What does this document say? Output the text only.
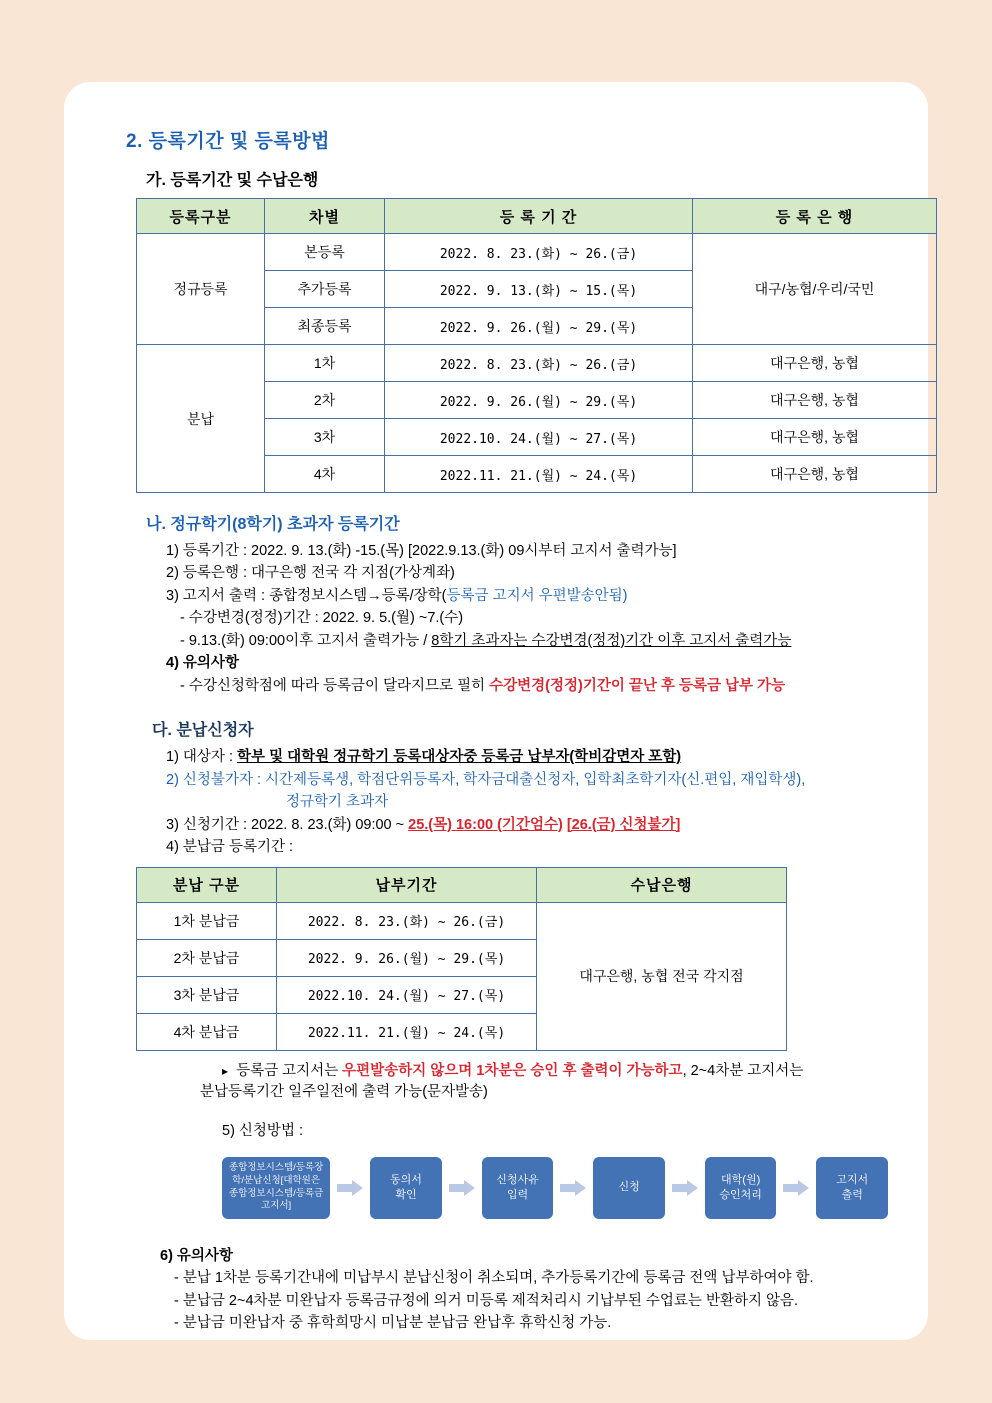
2. 등록기간 및 등록방법
가. 등록기간 및 수납은행
등록구분	차별	등 록 기 간	등 록 은 행
정규등록	본등록	2022. 8. 23.(화) ~ 26.(금)	대구/농협/우리/국민
	추가등록	2022. 9. 13.(화) ~ 15.(목)	
	최종등록	2022. 9. 26.(월) ~ 29.(목)	
분납	1차	2022. 8. 23.(화) ~ 26.(금)	대구은행, 농협
	2차	2022. 9. 26.(월) ~ 29.(목)	대구은행, 농협
	3차	2022.10. 24.(월) ~ 27.(목)	대구은행, 농협
	4차	2022.11. 21.(월) ~ 24.(목)	대구은행, 농협
나. 정규학기(8학기) 초과자 등록기간
1) 등록기간 : 2022. 9. 13.(화) -15.(목) [2022.9.13.(화) 09시부터 고지서 출력가능]
2) 등록은행 : 대구은행 전국 각 지점(가상계좌)
3) 고지서 출력 : 종합정보시스템→등록/장학(등록금 고지서 우편발송안됨)
- 수강변경(정정)기간 : 2022. 9. 5.(월) ~7.(수)
- 9.13.(화) 09:00이후 고지서 출력가능 / 8학기 초과자는 수강변경(정정)기간 이후 고지서 출력가능
4) 유의사항
- 수강신청학점에 따라 등록금이 달라지므로 필히 수강변경(정정)기간이 끝난 후 등록금 납부 가능
다. 분납신청자
1) 대상자 : 학부 및 대학원 정규학기 등록대상자중 등록금 납부자(학비감면자 포함)
2) 신청불가자 : 시간제등록생, 학점단위등록자, 학자금대출신청자, 입학최초학기자(신.편입, 재입학생),
정규학기 초과자
3) 신청기간 : 2022. 8. 23.(화) 09:00 ~ 25.(목) 16:00 (기간엄수) [26.(금) 신청불가]
4) 분납금 등록기간 :
분납 구분	납부기간	수납은행
1차 분납금	2022. 8. 23.(화) ~ 26.(금)	대구은행, 농협 전국 각지점
2차 분납금	2022. 9. 26.(월) ~ 29.(목)	
3차 분납금	2022.10. 24.(월) ~ 27.(목)	
4차 분납금	2022.11. 21.(월) ~ 24.(목)	
▸ 등록금 고지서는 우편발송하지 않으며 1차분은 승인 후 출력이 가능하고, 2~4차분 고지서는
분납등록기간 일주일전에 출력 가능(문자발송)
5) 신청방법 :
종합정보시스템/등록장
학/분납신청[대학원은
종합정보시스템/등록금
고지서]
동의서
확인
신청사유
입력
신청
대학(원)
승인처리
고지서
출력
6) 유의사항
- 분납 1차분 등록기간내에 미납부시 분납신청이 취소되며, 추가등록기간에 등록금 전액 납부하여야 함.
- 분납금 2~4차분 미완납자 등록금규정에 의거 미등록 제적처리시 기납부된 수업료는 반환하지 않음.
- 분납금 미완납자 중 휴학희망시 미납분 분납금 완납후 휴학신청 가능.
